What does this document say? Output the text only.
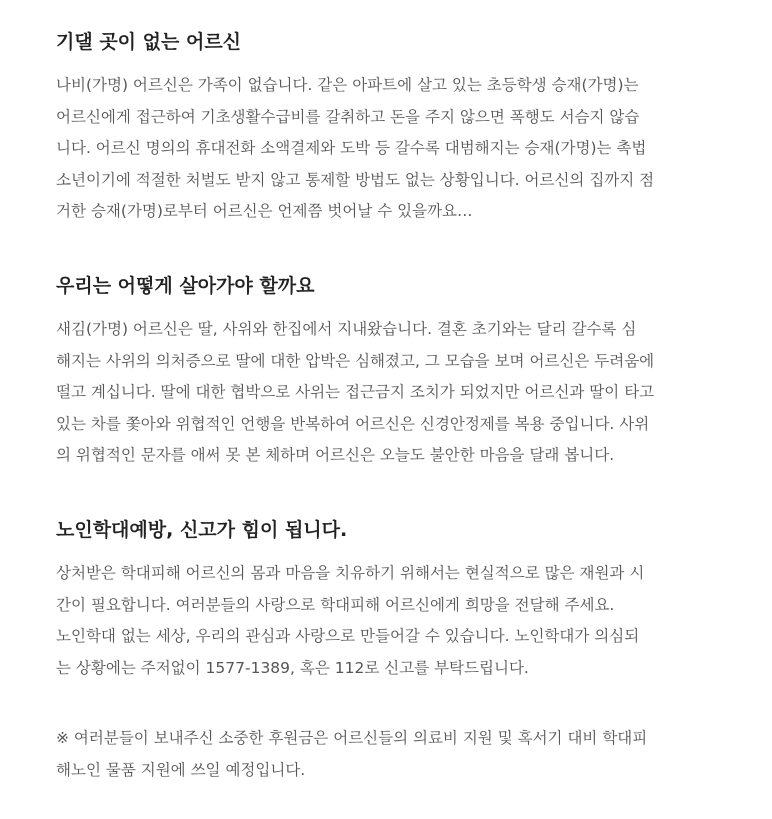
기댈 곳이 없는 어르신

나비(가명) 어르신은 가족이 없습니다. 같은 아파트에 살고 있는 초등학생 승재(가명)는
어르신에게 접근하여 기초생활수급비를 갈취하고 돈을 주지 않으면 폭행도 서슴지 않습
니다. 어르신 명의의 휴대전화 소액결제와 도박 등 갈수록 대범해지는 승재(가명)는 촉법
소년이기에 적절한 처벌도 받지 않고 통제할 방법도 없는 상황입니다. 어르신의 집까지 점
거한 승재(가명)로부터 어르신은 언제쯤 벗어날 수 있을까요…

우리는 어떻게 살아가야 할까요

새김(가명) 어르신은 딸, 사위와 한집에서 지내왔습니다. 결혼 초기와는 달리 갈수록 심
해지는 사위의 의처증으로 딸에 대한 압박은 심해졌고, 그 모습을 보며 어르신은 두려움에
떨고 계십니다. 딸에 대한 협박으로 사위는 접근금지 조치가 되었지만 어르신과 딸이 타고
있는 차를 쫓아와 위협적인 언행을 반복하여 어르신은 신경안정제를 복용 중입니다. 사위
의 위협적인 문자를 애써 못 본 체하며 어르신은 오늘도 불안한 마음을 달래 봅니다.

노인학대예방, 신고가 힘이 됩니다.

상처받은 학대피해 어르신의 몸과 마음을 치유하기 위해서는 현실적으로 많은 재원과 시
간이 필요합니다. 여러분들의 사랑으로 학대피해 어르신에게 희망을 전달해 주세요.
노인학대 없는 세상, 우리의 관심과 사랑으로 만들어갈 수 있습니다. 노인학대가 의심되
는 상황에는 주저없이 1577-1389, 혹은 112로 신고를 부탁드립니다.

※ 여러분들이 보내주신 소중한 후원금은 어르신들의 의료비 지원 및 혹서기 대비 학대피
해노인 물품 지원에 쓰일 예정입니다.
